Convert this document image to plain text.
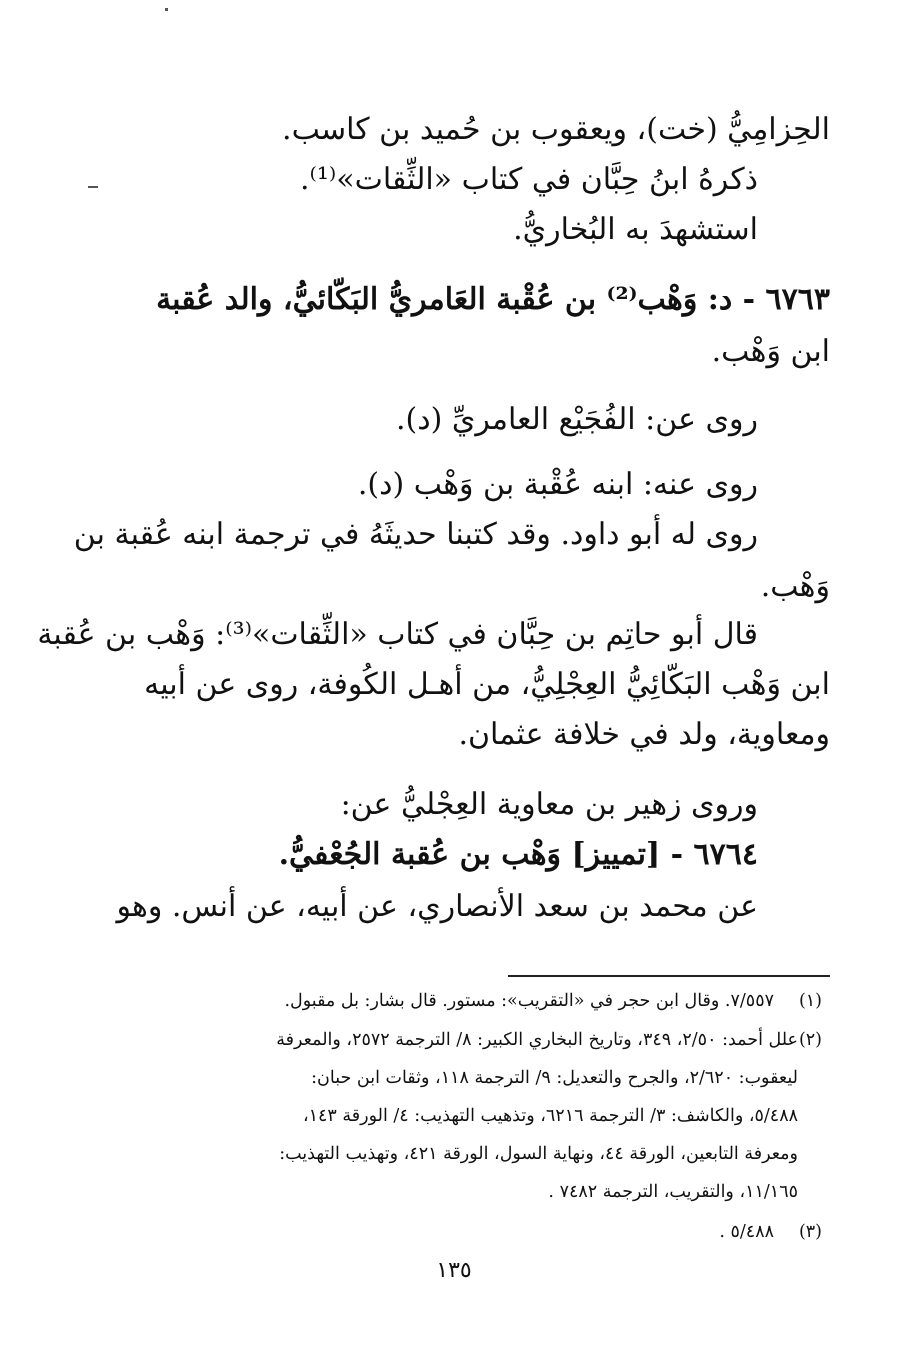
الحِزامِيُّ (خت)، ويعقوب بن حُميد بن كاسب.
ذكرهُ ابنُ حِبَّان في كتاب «الثِّقات»⁽¹⁾.
استشهدَ به البُخاريُّ.
٦٧٦٣ - د: وَهْب⁽²⁾ بن عُقْبة العَامريُّ البَكّائيُّ، والد عُقبة
ابن وَهْب.
روى عن: الفُجَيْع العامريِّ (د).
روى عنه: ابنه عُقْبة بن وَهْب (د).
روى له أبو داود. وقد كتبنا حديثَهُ في ترجمة ابنه عُقبة بن
وَهْب.
قال أبو حاتِم بن حِبَّان في كتاب «الثِّقات»⁽³⁾: وَهْب بن عُقبة
ابن وَهْب البَكّائِيُّ العِجْلِيُّ، من أهـل الكُوفة، روى عن أبيه
ومعاوية، ولد في خلافة عثمان.
وروى زهير بن معاوية العِجْليُّ عن:
٦٧٦٤ - [تمييز] وَهْب بن عُقبة الجُعْفيُّ.
عن محمد بن سعد الأنصاري، عن أبيه، عن أنس. وهو
(١)
٧/٥٥٧. وقال ابن حجر في «التقريب»: مستور. قال بشار: بل مقبول.
(٢)
علل أحمد: ٢/٥٠، ٣٤٩، وتاريخ البخاري الكبير: ٨/ الترجمة ٢٥٧٢، والمعرفة
ليعقوب: ٢/٦٢٠، والجرح والتعديل: ٩/ الترجمة ١١٨، وثقات ابن حبان:
٥/٤٨٨، والكاشف: ٣/ الترجمة ٦٢١٦، وتذهيب التهذيب: ٤/ الورقة ١٤٣،
ومعرفة التابعين، الورقة ٤٤، ونهاية السول، الورقة ٤٢١، وتهذيب التهذيب:
١١/١٦٥، والتقريب، الترجمة ٧٤٨٢ .
(٣)
٥/٤٨٨ .
١٣٥
